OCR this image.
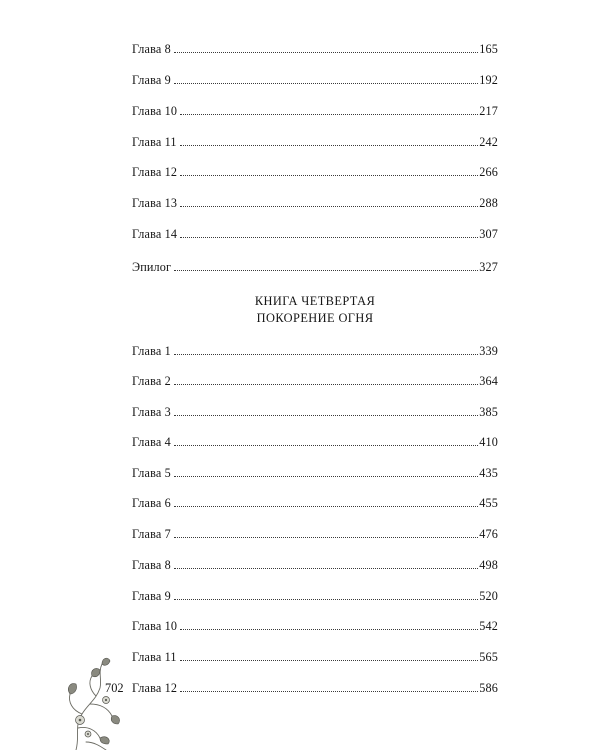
Глава 8	165
Глава 9	192
Глава 10	217
Глава 11	242
Глава 12	266
Глава 13	288
Глава 14	307
Эпилог	327
КНИГА ЧЕТВЕРТАЯ
ПОКОРЕНИЕ ОГНЯ
Глава 1	339
Глава 2	364
Глава 3	385
Глава 4	410
Глава 5	435
Глава 6	455
Глава 7	476
Глава 8	498
Глава 9	520
Глава 10	542
Глава 11	565
Глава 12	586
702
